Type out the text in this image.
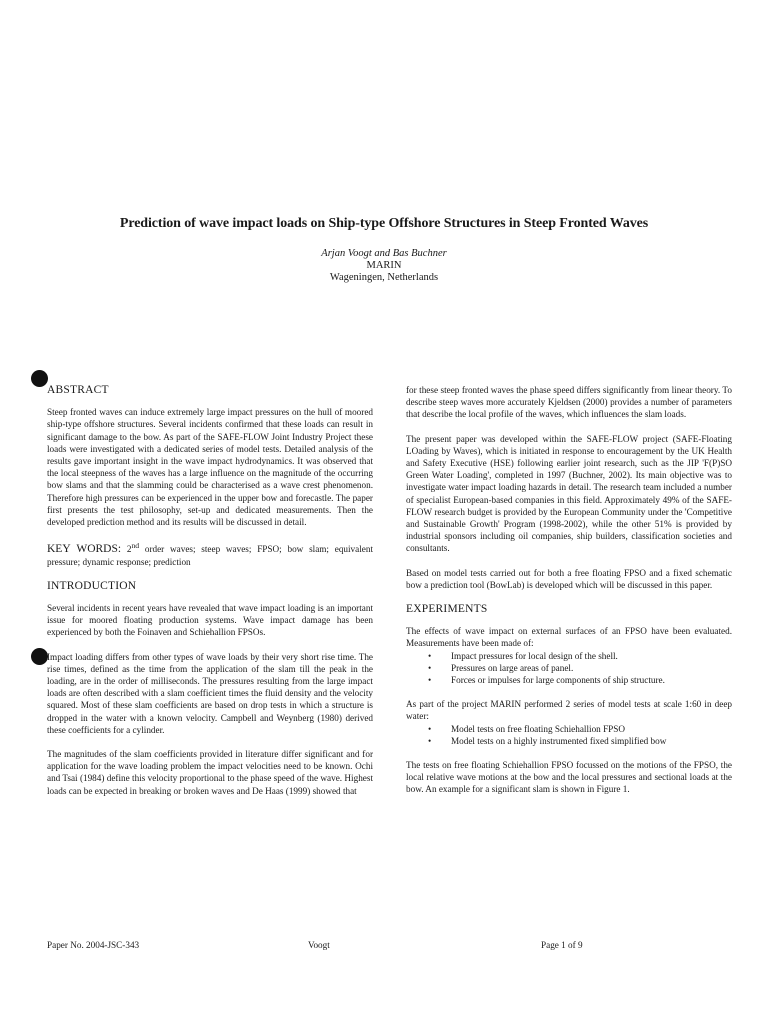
Prediction of wave impact loads on Ship-type Offshore Structures in Steep Fronted Waves
Arjan Voogt and Bas Buchner
MARIN
Wageningen, Netherlands
ABSTRACT

Steep fronted waves can induce extremely large impact pressures on the hull of moored ship-type offshore structures. Several incidents confirmed that these loads can result in significant damage to the bow. As part of the SAFE-FLOW Joint Industry Project these loads were investigated with a dedicated series of model tests. Detailed analysis of the results gave important insight in the wave impact hydrodynamics. It was observed that the local steepness of the waves has a large influence on the magnitude of the occurring bow slams and that the slamming could be characterised as a wave crest phenomenon. Therefore high pressures can be experienced in the upper bow and forecastle. The paper first presents the test philosophy, set-up and dedicated measurements. Then the developed prediction method and its results will be discussed in detail.

KEY WORDS: 2nd order waves; steep waves; FPSO; bow slam; equivalent pressure; dynamic response; prediction

INTRODUCTION

Several incidents in recent years have revealed that wave impact loading is an important issue for moored floating production systems. Wave impact damage has been experienced by both the Foinaven and Schiehallion FPSOs.

Impact loading differs from other types of wave loads by their very short rise time. The rise times, defined as the time from the application of the slam till the peak in the loading, are in the order of milliseconds. The pressures resulting from the large impact loads are often described with a slam coefficient times the fluid density and the velocity squared. Most of these slam coefficients are based on drop tests in which a structure is dropped in the water with a known velocity. Campbell and Weynberg (1980) derived these coefficients for a cylinder.

The magnitudes of the slam coefficients provided in literature differ significant and for application for the wave loading problem the impact velocities need to be known. Ochi and Tsai (1984) define this velocity proportional to the phase speed of the wave. Highest loads can be expected in breaking or broken waves and De Haas (1999) showed that

for these steep fronted waves the phase speed differs significantly from linear theory. To describe steep waves more accurately Kjeldsen (2000) provides a number of parameters that describe the local profile of the waves, which influences the slam loads.

The present paper was developed within the SAFE-FLOW project (SAFE-Floating LOading by Waves), which is initiated in response to encouragement by the UK Health and Safety Executive (HSE) following earlier joint research, such as the JIP 'F(P)SO Green Water Loading', completed in 1997 (Buchner, 2002). Its main objective was to investigate water impact loading hazards in detail. The research team included a number of specialist European-based companies in this field. Approximately 49% of the SAFE-FLOW research budget is provided by the European Community under the 'Competitive and Sustainable Growth' Program (1998-2002), while the other 51% is provided by industrial sponsors including oil companies, ship builders, classification societies and consultants.

Based on model tests carried out for both a free floating FPSO and a fixed schematic bow a prediction tool (BowLab) is developed which will be discussed in this paper.

EXPERIMENTS

The effects of wave impact on external surfaces of an FPSO have been evaluated. Measurements have been made of:

• Impact pressures for local design of the shell.
• Pressures on large areas of panel.
• Forces or impulses for large components of ship structure.

As part of the project MARIN performed 2 series of model tests at scale 1:60 in deep water:

• Model tests on free floating Schiehallion FPSO
• Model tests on a highly instrumented fixed simplified bow

The tests on free floating Schiehallion FPSO focussed on the motions of the FPSO, the local relative wave motions at the bow and the local pressures and sectional loads at the bow. An example for a significant slam is shown in Figure 1.

Paper No. 2004-JSC-343	Voogt	Page 1 of 9
